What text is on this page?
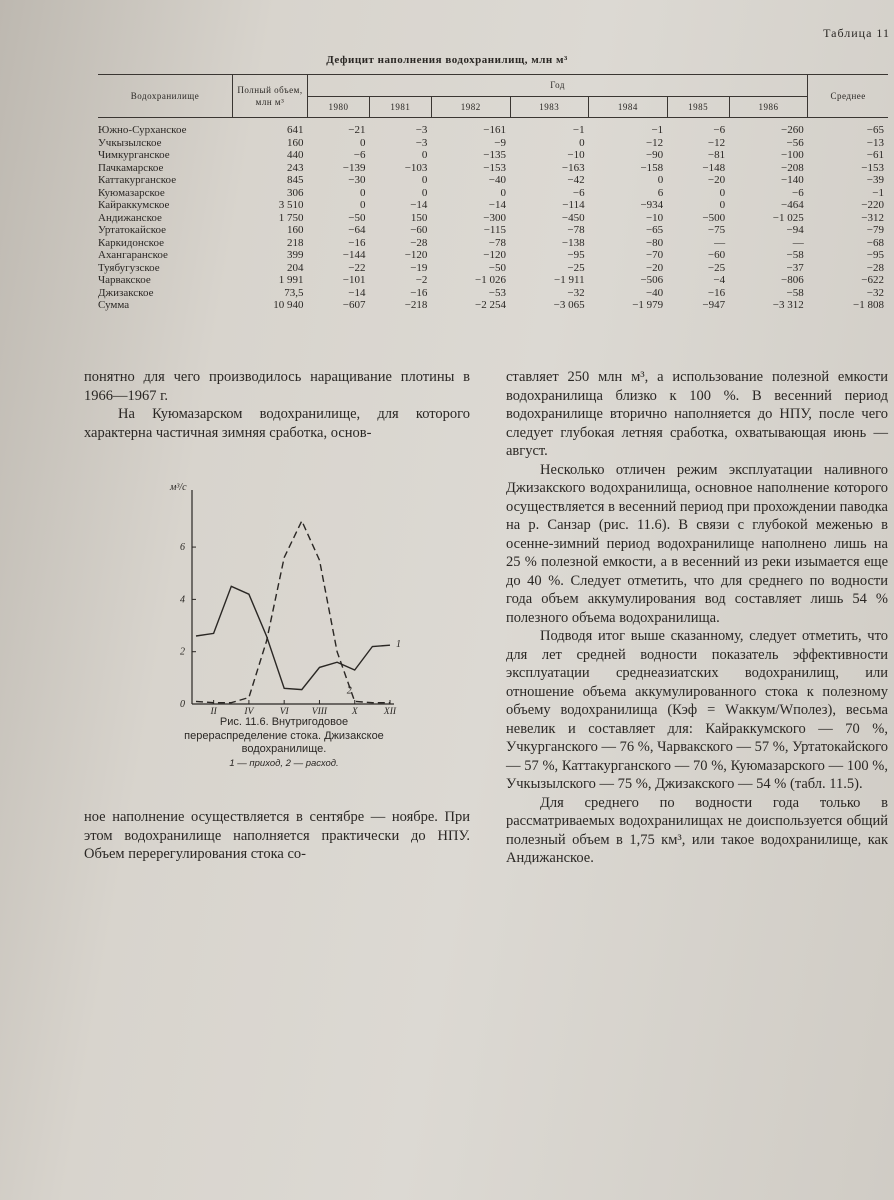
Таблица 11
Дефицит наполнения водохранилищ, млн м³
Водохранилище	Полный объем, млн м³	Год							Среднее
		1980	1981	1982	1983	1984	1985	1986	
Южно-Сурханское	641	−21	−3	−161	−1	−1	−6	−260	−65
Учкызылское	160	0	−3	−9	0	−12	−12	−56	−13
Чимкурганское	440	−6	0	−135	−10	−90	−81	−100	−61
Пачкамарское	243	−139	−103	−153	−163	−158	−148	−208	−153
Каттакурганское	845	−30	0	−40	−42	0	−20	−140	−39
Куюмазарское	306	0	0	0	−6	6	0	−6	−1
Кайраккумское	3 510	0	−14	−14	−114	−934	0	−464	−220
Андижанское	1 750	−50	150	−300	−450	−10	−500	−1 025	−312
Уртатокайское	160	−64	−60	−115	−78	−65	−75	−94	−79
Каркидонское	218	−16	−28	−78	−138	−80	—	—	−68
Ахангаранское	399	−144	−120	−120	−95	−70	−60	−58	−95
Туябугузское	204	−22	−19	−50	−25	−20	−25	−37	−28
Чарвакское	1 991	−101	−2	−1 026	−1 911	−506	−4	−806	−622
Джизакское	73,5	−14	−16	−53	−32	−40	−16	−58	−32
Сумма	10 940	−607	−218	−2 254	−3 065	−1 979	−947	−3 312	−1 808

понятно для чего производилось наращивание плотины в 1966—1967 г.

На Куюмазарском водохранилище, для которого характерна частичная зимняя сработка, основ-

м³/с
0
2
4
6
II	IV	VI VIII	X	XII
1
2
Рис. 11.6. Внутригодовое перераспределение стока. Джизакское водохранилище.
1 — приход, 2 — расход.

ное наполнение осуществляется в сентябре — ноябре. При этом водохранилище наполняется практически до НПУ. Объем перерегулирования стока со-

ставляет 250 млн м³, а использование полезной емкости водохранилища близко к 100 %. В весенний период водохранилище вторично наполняется до НПУ, после чего следует глубокая летняя сработка, охватывающая июнь — август.

Несколько отличен режим эксплуатации наливного Джизакского водохранилища, основное наполнение которого осуществляется в весенний период при прохождении паводка на р. Санзар (рис. 11.6). В связи с глубокой меженью в осенне-зимний период водохранилище наполнено лишь на 25 % полезной емкости, а в весенний из реки изымается еще до 40 %. Следует отметить, что для среднего по водности года объем аккумулирования вод составляет лишь 54 % полезного объема водохранилища.

Подводя итог выше сказанному, следует отметить, что для лет средней водности показатель эффективности эксплуатации среднеазиатских водохранилищ, или отношение объема аккумулированного стока к полезному объему водохранилища (Кэф = Wаккум/Wполез), весьма невелик и составляет для: Кайраккумского — 70 %, Учкурганского — 76 %, Чарвакского — 57 %, Уртатокайского — 57 %, Каттакурганского — 70 %, Куюмазарского — 100 %, Учкызылского — 75 %, Джизакского — 54 % (табл. 11.5).

Для среднего по водности года только в рассматриваемых водохранилищах не доиспользуется общий полезный объем в 1,75 км³, или такое водохранилище, как Андижанское.
